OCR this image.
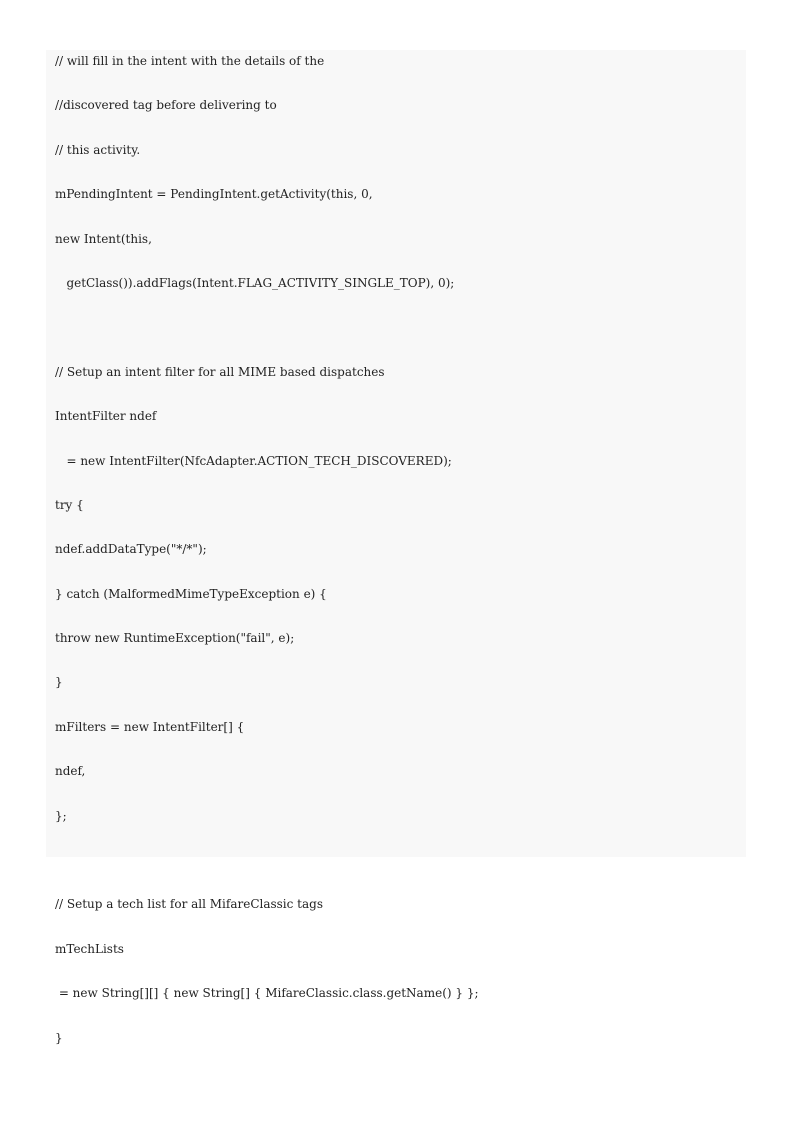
// will fill in the intent with the details of the
//discovered tag before delivering to
// this activity.
mPendingIntent = PendingIntent.getActivity(this, 0,
new Intent(this,
getClass()).addFlags(Intent.FLAG_ACTIVITY_SINGLE_TOP), 0);
// Setup an intent filter for all MIME based dispatches
IntentFilter ndef
= new IntentFilter(NfcAdapter.ACTION_TECH_DISCOVERED);
try {
ndef.addDataType("*/*");
} catch (MalformedMimeTypeException e) {
throw new RuntimeException("fail", e);
}
mFilters = new IntentFilter[] {
ndef,
};
// Setup a tech list for all MifareClassic tags
mTechLists
= new String[][] { new String[] { MifareClassic.class.getName() } };
}
